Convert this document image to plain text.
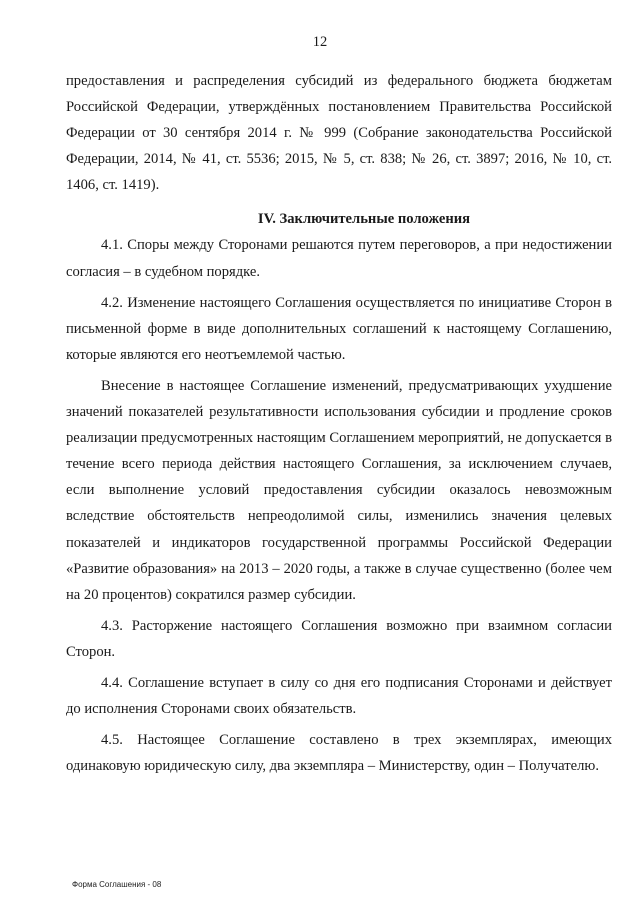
12

предоставления и распределения субсидий из федерального бюджета бюджетам Российской Федерации, утверждённых постановлением Правительства Российской Федерации от 30 сентября 2014 г. № 999 (Собрание законодательства Российской Федерации, 2014, № 41, ст. 5536; 2015, № 5, ст. 838; № 26, ст. 3897; 2016, № 10, ст. 1406, ст. 1419).

IV. Заключительные положения

4.1. Споры между Сторонами решаются путем переговоров, а при недостижении согласия – в судебном порядке.

4.2. Изменение настоящего Соглашения осуществляется по инициативе Сторон в письменной форме в виде дополнительных соглашений к настоящему Соглашению, которые являются его неотъемлемой частью.

Внесение в настоящее Соглашение изменений, предусматривающих ухудшение значений показателей результативности использования субсидии и продление сроков реализации предусмотренных настоящим Соглашением мероприятий, не допускается в течение всего периода действия настоящего Соглашения, за исключением случаев, если выполнение условий предоставления субсидии оказалось невозможным вследствие обстоятельств непреодолимой силы, изменились значения целевых показателей и индикаторов государственной программы Российской Федерации «Развитие образования» на 2013 – 2020 годы, а также в случае существенно (более чем на 20 процентов) сократился размер субсидии.

4.3. Расторжение настоящего Соглашения возможно при взаимном согласии Сторон.

4.4. Соглашение вступает в силу со дня его подписания Сторонами и действует до исполнения Сторонами своих обязательств.

4.5. Настоящее Соглашение составлено в трех экземплярах, имеющих одинаковую юридическую силу, два экземпляра – Министерству, один – Получателю.

Форма Соглашения - 08
